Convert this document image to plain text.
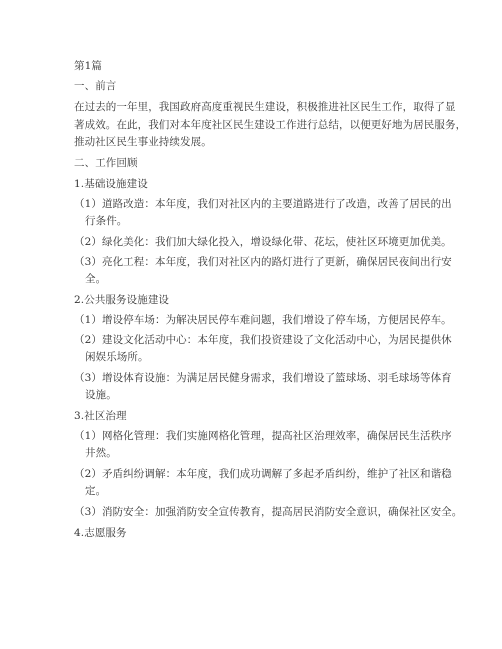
第1篇
一、前言
在过去的一年里，我国政府高度重视民生建设，积极推进社区民生工作，取得了显
著成效。在此，我们对本年度社区民生建设工作进行总结，以便更好地为居民服务，
推动社区民生事业持续发展。
二、工作回顾
1.基础设施建设
（1）道路改造：本年度，我们对社区内的主要道路进行了改造，改善了居民的出
行条件。
（2）绿化美化：我们加大绿化投入，增设绿化带、花坛，使社区环境更加优美。
（3）亮化工程：本年度，我们对社区内的路灯进行了更新，确保居民夜间出行安
全。
2.公共服务设施建设
（1）增设停车场：为解决居民停车难问题，我们增设了停车场，方便居民停车。
（2）建设文化活动中心：本年度，我们投资建设了文化活动中心，为居民提供休
闲娱乐场所。
（3）增设体育设施：为满足居民健身需求，我们增设了篮球场、羽毛球场等体育
设施。
3.社区治理
（1）网格化管理：我们实施网格化管理，提高社区治理效率，确保居民生活秩序
井然。
（2）矛盾纠纷调解：本年度，我们成功调解了多起矛盾纠纷，维护了社区和谐稳
定。
（3）消防安全：加强消防安全宣传教育，提高居民消防安全意识，确保社区安全。
4.志愿服务
